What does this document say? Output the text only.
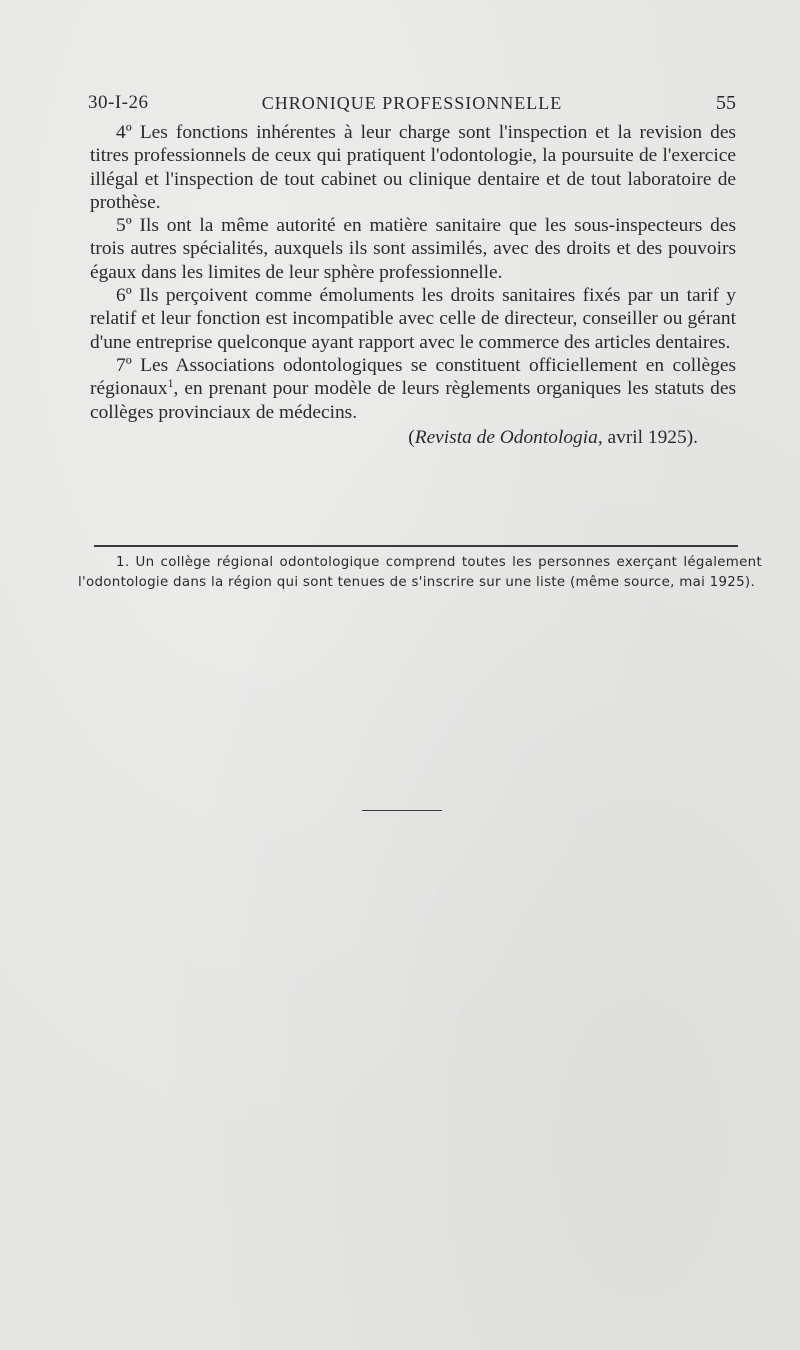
30-I-26	CHRONIQUE PROFESSIONNELLE	55

4º Les fonctions inhérentes à leur charge sont l'inspection et la revision des titres professionnels de ceux qui pratiquent l'odontologie, la poursuite de l'exercice illégal et l'inspection de tout cabinet ou clinique dentaire et de tout laboratoire de prothèse.

5º Ils ont la même autorité en matière sanitaire que les sous-inspecteurs des trois autres spécialités, auxquels ils sont assimilés, avec des droits et des pouvoirs égaux dans les limites de leur sphère professionnelle.

6º Ils perçoivent comme émoluments les droits sanitaires fixés par un tarif y relatif et leur fonction est incompatible avec celle de directeur, conseiller ou gérant d'une entreprise quelconque ayant rapport avec le commerce des articles dentaires.

7º Les Associations odontologiques se constituent officiellement en collèges régionaux$^1$, en prenant pour modèle de leurs règlements organiques les statuts des collèges provinciaux de médecins.

(Revista de Odontologia, avril 1925).

1. Un collège régional odontologique comprend toutes les personnes exerçant légalement l'odontologie dans la région qui sont tenues de s'inscrire sur une liste (même source, mai 1925).
